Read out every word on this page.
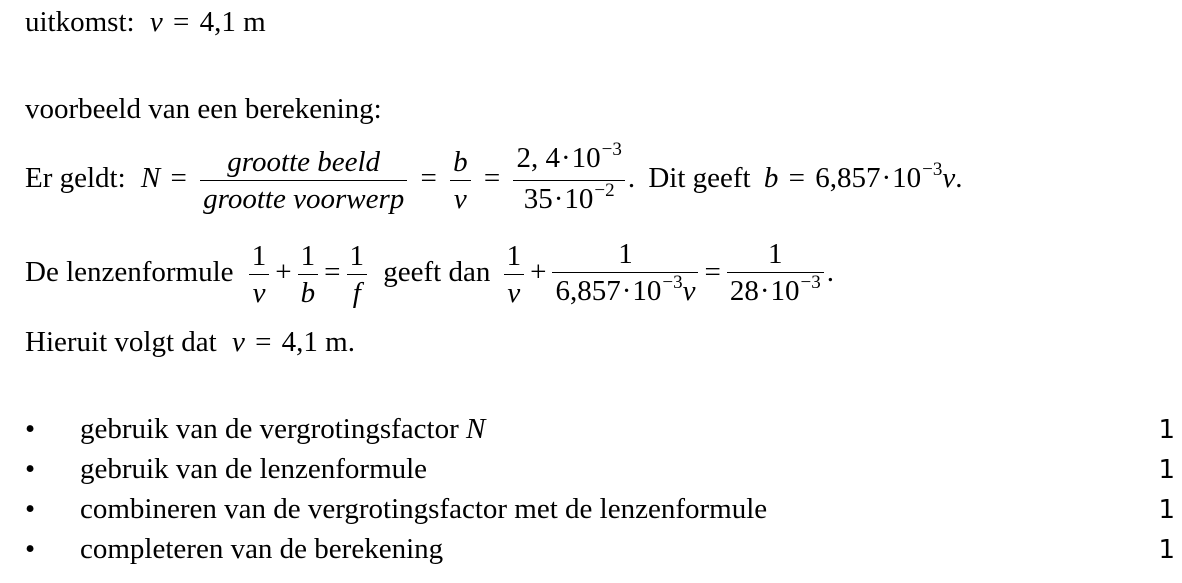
uitkomst: v = 4,1 m
voorbeeld van een berekening:
Er geldt: $N = \frac{\text{grootte beeld}}{\text{grootte voorwerp}} = \frac{b}{v} = \frac{2, 4\cdot 10^{-3}}{35\cdot 10^{-2}}$ . Dit geeft $b = 6,857\cdot 10^{-3}v$.
De lenzenformule $\frac{1}{v} + \frac{1}{b} = \frac{1}{f}$ geeft dan $\frac{1}{v} + \frac{1}{6,857\cdot 10^{-3}v} = \frac{1}{28\cdot 10^{-3}}$ .
Hieruit volgt dat v = 4,1 m.
• gebruik van de vergrotingsfactor N	1
• gebruik van de lenzenformule	1
• combineren van de vergrotingsfactor met de lenzenformule	1
• completeren van de berekening	1
